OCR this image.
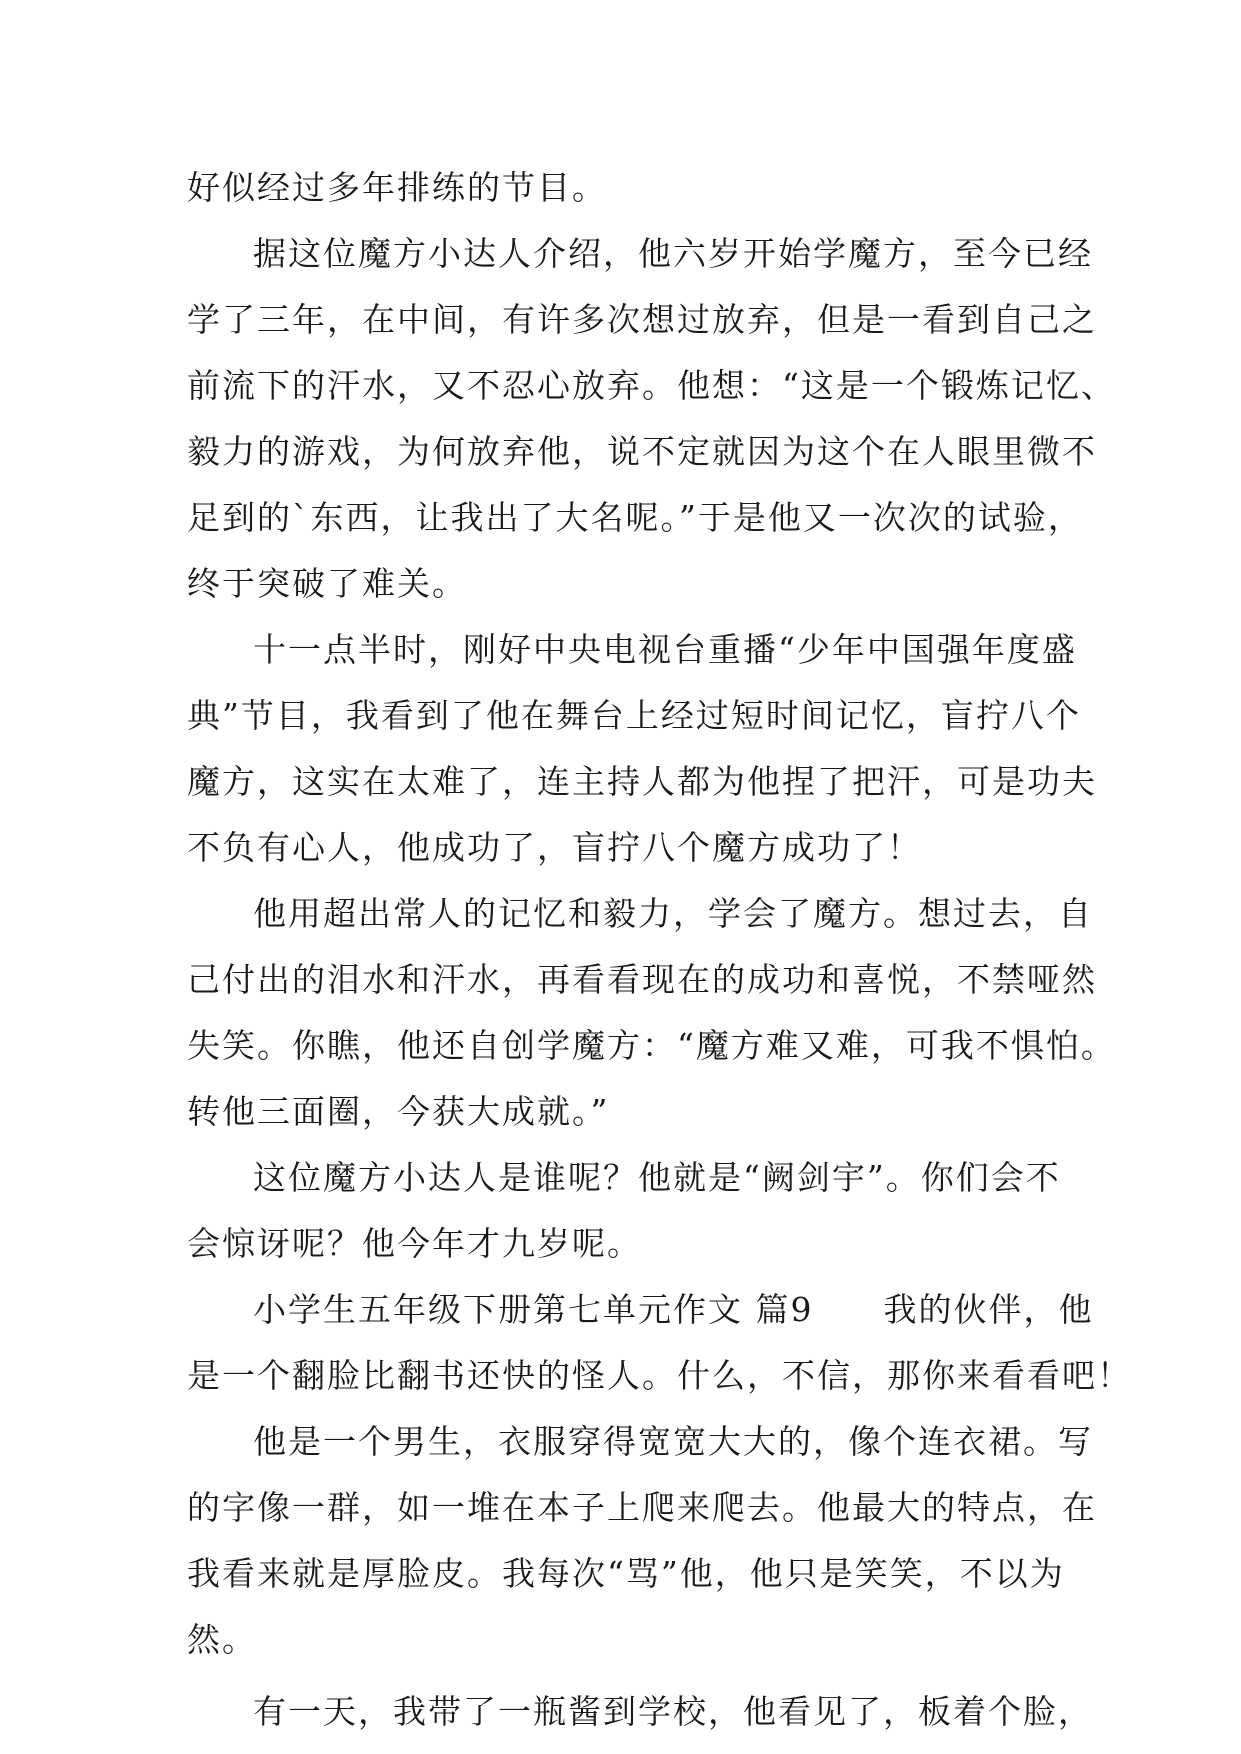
好似经过多年排练的节目。
据这位魔方小达人介绍，他六岁开始学魔方，至今已经
学了三年，在中间，有许多次想过放弃，但是一看到自己之
前流下的汗水，又不忍心放弃。他想：“这是一个锻炼记忆、
毅力的游戏，为何放弃他，说不定就因为这个在人眼里微不
足到的`东西，让我出了大名呢。”于是他又一次次的试验，
终于突破了难关。
十一点半时，刚好中央电视台重播“少年中国强年度盛
典”节目，我看到了他在舞台上经过短时间记忆，盲拧八个
魔方，这实在太难了，连主持人都为他捏了把汗，可是功夫
不负有心人，他成功了，盲拧八个魔方成功了！
他用超出常人的记忆和毅力，学会了魔方。想过去，自
己付出的泪水和汗水，再看看现在的成功和喜悦，不禁哑然
失笑。你瞧，他还自创学魔方：“魔方难又难，可我不惧怕。
转他三面圈，今获大成就。”
这位魔方小达人是谁呢？他就是“阙剑宇”。你们会不
会惊讶呢？他今年才九岁呢。
小学生五年级下册第七单元作文 篇9　　我的伙伴，他
是一个翻脸比翻书还快的怪人。什么，不信，那你来看看吧！
他是一个男生，衣服穿得宽宽大大的，像个连衣裙。写
的字像一群，如一堆在本子上爬来爬去。他最大的特点，在
我看来就是厚脸皮。我每次“骂”他，他只是笑笑，不以为
然。
有一天，我带了一瓶酱到学校，他看见了，板着个脸，
